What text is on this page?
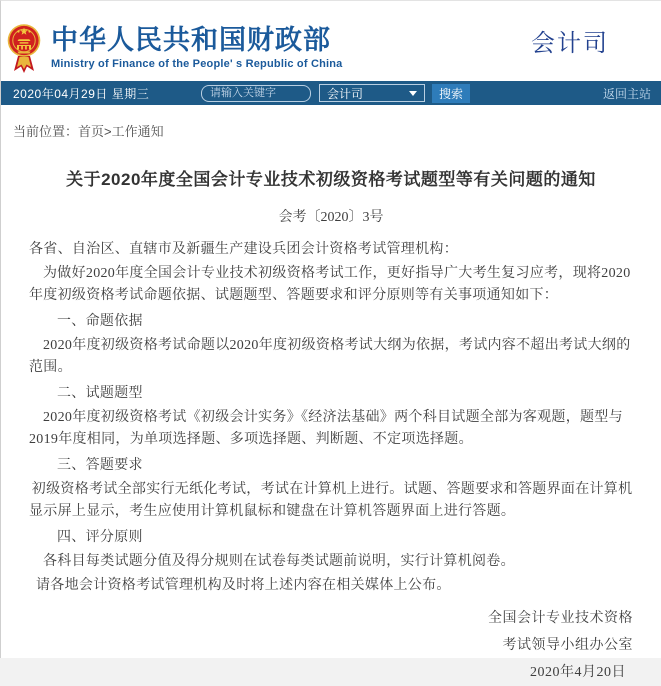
中华人民共和国财政部
Ministry of Finance of the People' s Republic of China
会计司
2020年04月29日 星期三
请输入关键字	会计司	搜索	返回主站
当前位置：首页>工作通知
关于2020年度全国会计专业技术初级资格考试题型等有关问题的通知
会考〔2020〕3号

各省、自治区、直辖市及新疆生产建设兵团会计资格考试管理机构：

为做好2020年度全国会计专业技术初级资格考试工作，更好指导广大考生复习应考，现将2020年度初级资格考试命题依据、试题题型、答题要求和评分原则等有关事项通知如下：

一、命题依据

2020年度初级资格考试命题以2020年度初级资格考试大纲为依据，考试内容不超出考试大纲的范围。

二、试题题型

2020年度初级资格考试《初级会计实务》《经济法基础》两个科目试题全部为客观题，题型与2019年度相同，为单项选择题、多项选择题、判断题、不定项选择题。

三、答题要求

初级资格考试全部实行无纸化考试，考试在计算机上进行。试题、答题要求和答题界面在计算机显示屏上显示，考生应使用计算机鼠标和键盘在计算机答题界面上进行答题。

四、评分原则

各科目每类试题分值及得分规则在试卷每类试题前说明，实行计算机阅卷。

请各地会计资格考试管理机构及时将上述内容在相关媒体上公布。

全国会计专业技术资格
考试领导小组办公室
2020年4月20日
